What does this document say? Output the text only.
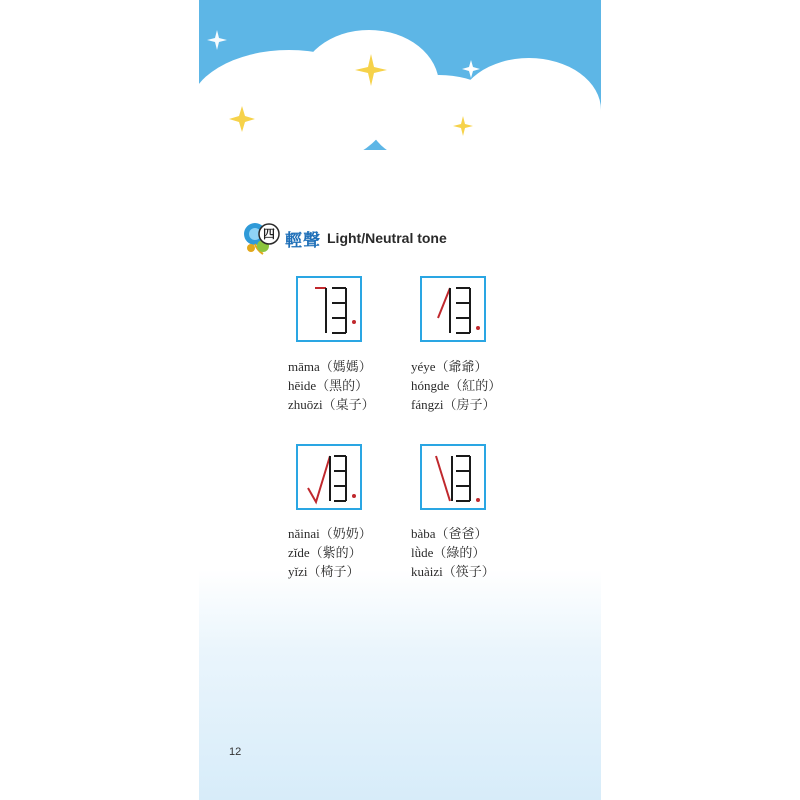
四 輕聲 Light/Neutral tone
māma（媽媽）
hēide（黑的）
zhuōzi（桌子）
yéye（爺爺）
hóngde（紅的）
fángzi（房子）
nǎinai（奶奶）
zǐde（紫的）
yǐzi（椅子）
bàba（爸爸）
lǜde（綠的）
kuàizi（筷子）
12
